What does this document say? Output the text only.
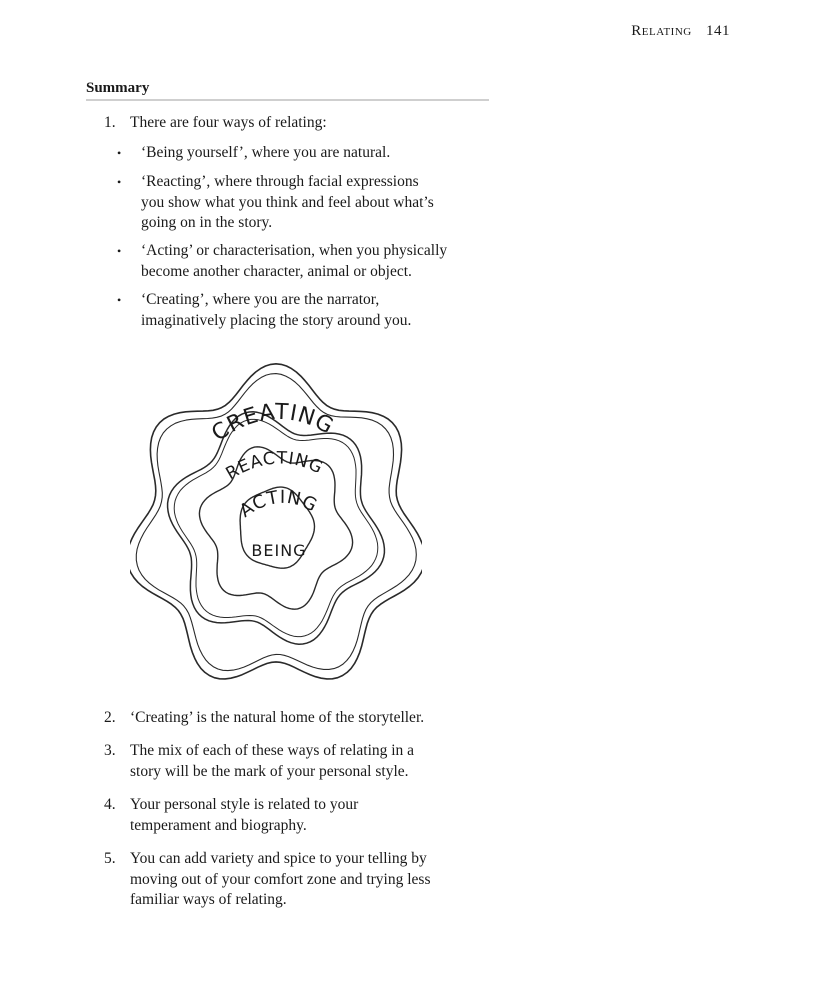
Relating 141
Summary
1. There are four ways of relating:
• ‘Being yourself’, where you are natural.
• ‘Reacting’, where through facial expressions
you show what you think and feel about what’s
going on in the story.
• ‘Acting’ or characterisation, when you physically
become another character, animal or object.
• ‘Creating’, where you are the narrator,
imaginatively placing the story around you.
CREATING
REACTING
ACTING
BEING
2. ‘Creating’ is the natural home of the storyteller.
3. The mix of each of these ways of relating in a
story will be the mark of your personal style.
4. Your personal style is related to your
temperament and biography.
5. You can add variety and spice to your telling by
moving out of your comfort zone and trying less
familiar ways of relating.
